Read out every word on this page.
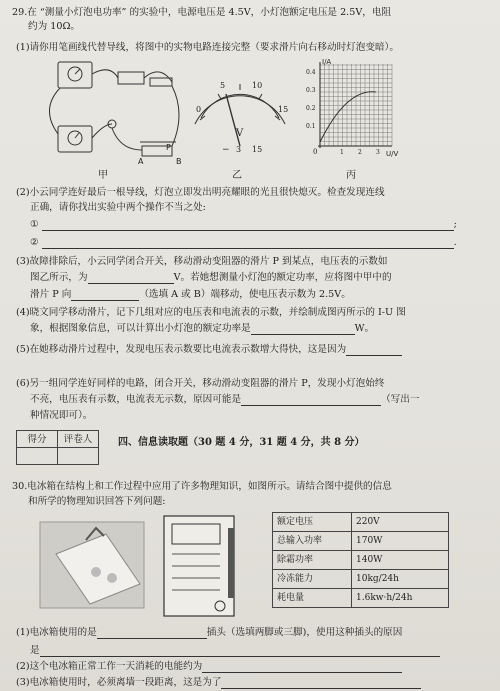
29.在 “测量小灯泡电功率” 的实验中，电源电压是 4.5V，小灯泡额定电压是 2.5V，电阻
约为 10Ω。
(1)请你用笔画线代替导线，将图中的实物电路连接完整（要求滑片向右移动时灯泡变暗）。
P
A	B
0
5	10
15
V
− 3 15
I/A
U/V
0
0.1
0.2
0.3
0.4
1 2 3
甲	乙	丙
(2)小云同学连好最后一根导线，灯泡立即发出明亮耀眼的光且很快熄灭。检查发现连线
正确，请你找出实验中两个操作不当之处:
①	;
②	.
(3)故障排除后，小云同学闭合开关，移动滑动变阻器的滑片 P 到某点，电压表的示数如
图乙所示，为	V。若她想测量小灯泡的额定功率，应将图中甲中的
滑片 P 向	（选填 A 或 B）端移动，使电压表示数为 2.5V。
(4)晓文同学移动滑片，记下几组对应的电压表和电流表的示数，并绘制成图丙所示的 I-U 图
象，根据图象信息，可以计算出小灯泡的额定功率是	W。
(5)在她移动滑片过程中，发现电压表示数要比电流表示数增大得快，这是因为
(6)另一组同学连好同样的电路，闭合开关，移动滑动变阻器的滑片 P，发现小灯泡始终
不亮，电压表有示数，电流表无示数，原因可能是	（写出一
种情况即可）。
得分	评卷人
		四、信息读取题（30 题 4 分，31 题 4 分，共 8 分）
30.电冰箱在结构上和工作过程中应用了许多物理知识，如图所示。请结合图中提供的信息
和所学的物理知识回答下列问题:
额定电压	220V
总输入功率	170W
除霜功率	140W
冷冻能力	10kg/24h
耗电量	1.6kw·h/24h
(1)电冰箱使用的是	插头（选填两脚或三脚)，使用这种插头的原因
是
(2)这个电冰箱正常工作一天消耗的电能约为
(3)电冰箱使用时，必须离墙一段距离，这是为了
